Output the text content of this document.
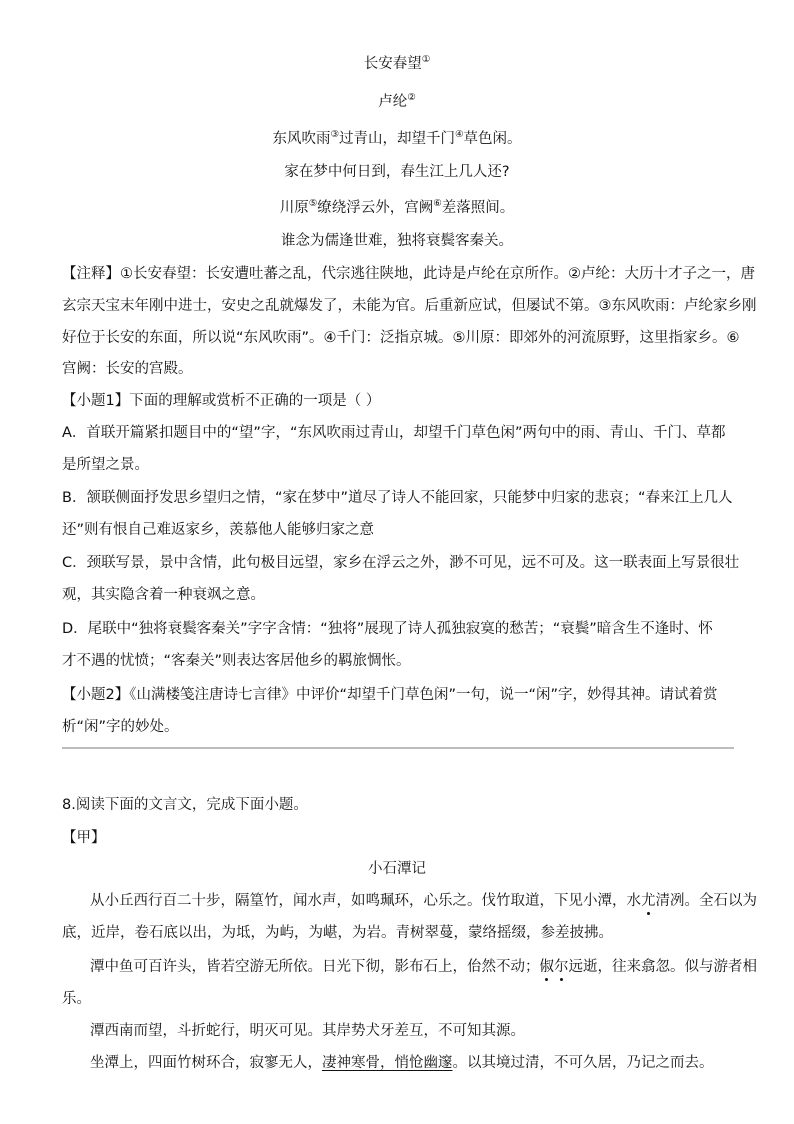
长安春望①
卢纶②
东风吹雨③过青山，却望千门④草色闲。
家在梦中何日到，春生江上几人还?
川原⑤缭绕浮云外，宫阙⑥差落照间。
谁念为儒逢世难，独将衰鬓客秦关。
【注释】①长安春望：长安遭吐蕃之乱，代宗逃往陕地，此诗是卢纶在京所作。②卢纶：大历十才子之一，唐
玄宗天宝末年刚中进士，安史之乱就爆发了，未能为官。后重新应试，但屡试不第。③东风吹雨：卢纶家乡刚
好位于长安的东面，所以说“东风吹雨”。④千门：泛指京城。⑤川原：即郊外的河流原野，这里指家乡。⑥
宫阙：长安的宫殿。
【小题1】下面的理解或赏析不正确的一项是（ ）
A．首联开篇紧扣题目中的“望”字，“东风吹雨过青山，却望千门草色闲”两句中的雨、青山、千门、草都
是所望之景。
B．颔联侧面抒发思乡望归之情，“家在梦中”道尽了诗人不能回家，只能梦中归家的悲哀；“春来江上几人
还”则有恨自己难返家乡，羡慕他人能够归家之意
C．颈联写景，景中含情，此句极目远望，家乡在浮云之外，渺不可见，远不可及。这一联表面上写景很壮
观，其实隐含着一种衰飒之意。
D．尾联中“独将衰鬓客秦关”字字含情：“独将”展现了诗人孤独寂寞的愁苦；“衰鬓”暗含生不逢时、怀
才不遇的忧愤；“客秦关”则表达客居他乡的羁旅惆怅。
【小题2】《山满楼笺注唐诗七言律》中评价“却望千门草色闲”一句，说一“闲”字，妙得其神。请试着赏
析“闲”字的妙处。
8.阅读下面的文言文，完成下面小题。
【甲】
小石潭记
从小丘西行百二十步，隔篁竹，闻水声，如鸣珮环，心乐之。伐竹取道，下见小潭，水尤清冽。全石以为
底，近岸，卷石底以出，为坻，为屿，为嵁，为岩。青树翠蔓，蒙络摇缀，参差披拂。
潭中鱼可百许头，皆若空游无所依。日光下彻，影布石上，佁然不动；俶尔远逝，往来翕忽。似与游者相
乐。
潭西南而望，斗折蛇行，明灭可见。其岸势犬牙差互，不可知其源。
坐潭上，四面竹树环合，寂寥无人，凄神寒骨，悄怆幽邃。以其境过清，不可久居，乃记之而去。
